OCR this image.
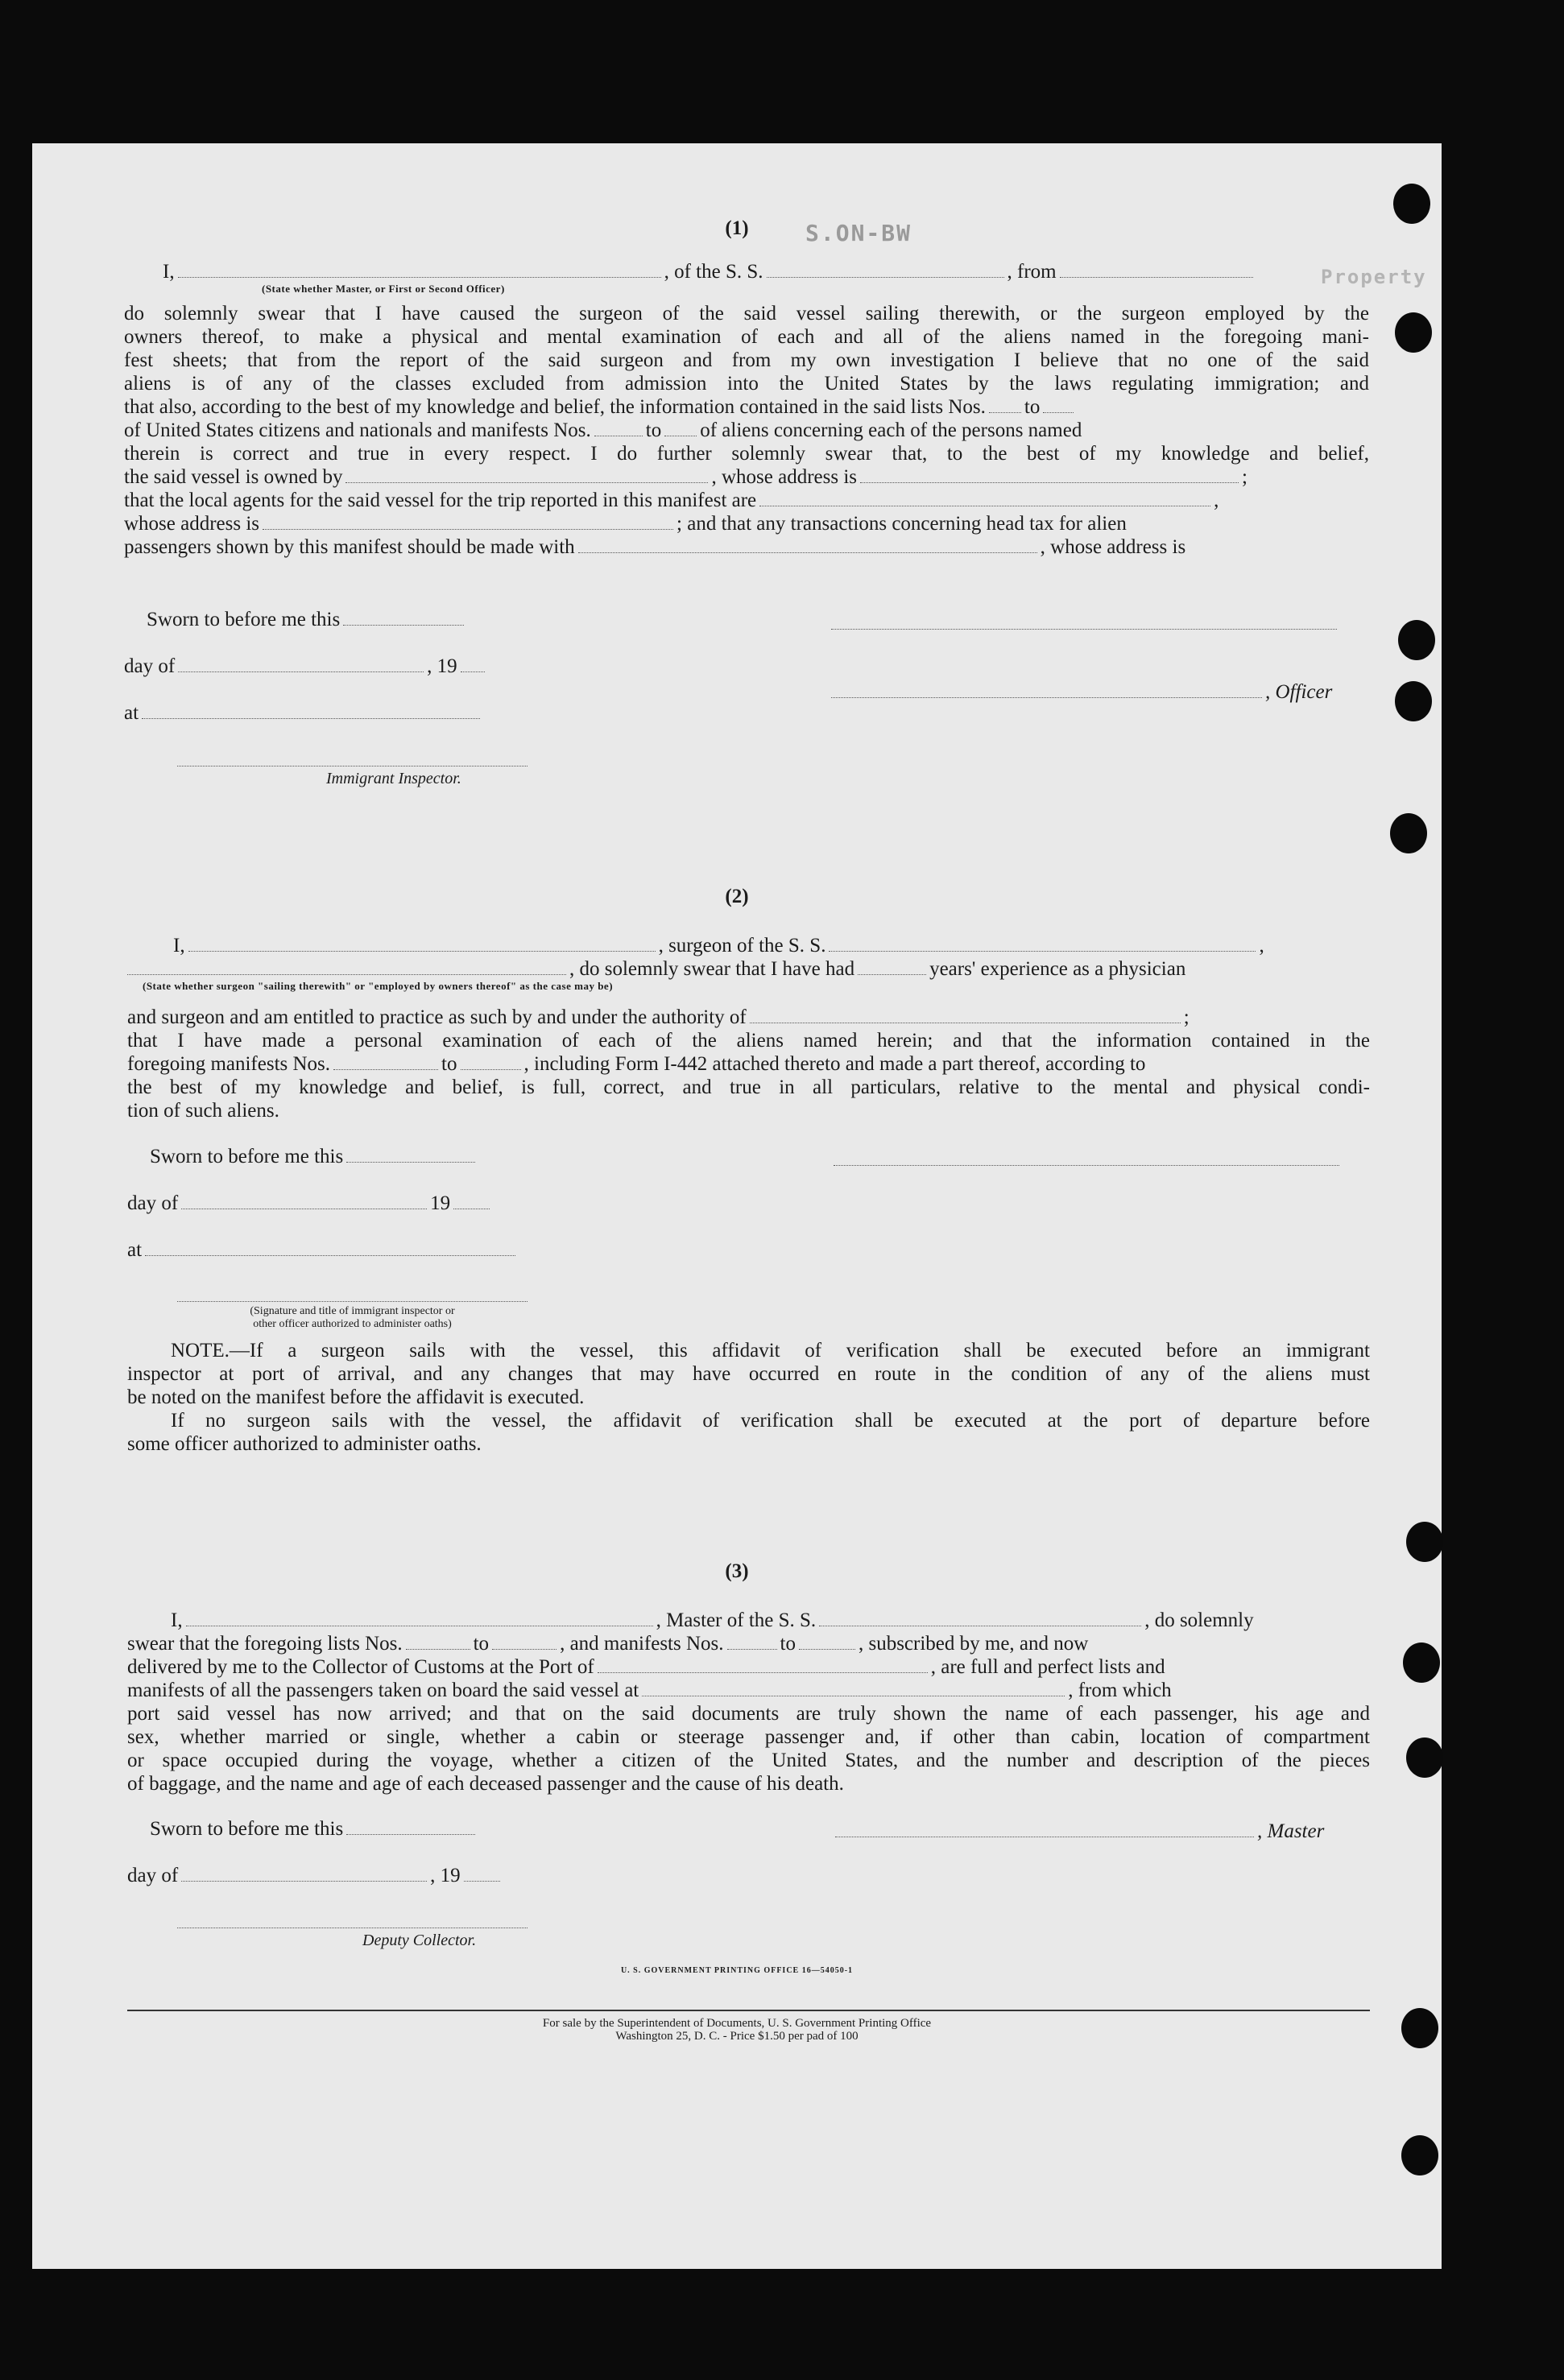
S.ON-BW
Property
(1)
I,	, of the S. S.	, from
(State whether Master, or First or Second Officer)
do solemnly swear that I have caused the surgeon of the said vessel sailing therewith, or the surgeon employed by the
owners thereof, to make a physical and mental examination of each and all of the aliens named in the foregoing mani-
fest sheets; that from the report of the said surgeon and from my own investigation I believe that no one of the said
aliens is of any of the classes excluded from admission into the United States by the laws regulating immigration; and
that also, according to the best of my knowledge and belief, the information contained in the said lists Nos. to
of United States citizens and nationals and manifests Nos.	to of aliens concerning each of the persons named
therein is correct and true in every respect. I do further solemnly swear that, to the best of my knowledge and belief,
the said vessel is owned by	, whose address is	;
that the local agents for the said vessel for the trip reported in this manifest are	,
whose address is	; and that any transactions concerning head tax for alien
passengers shown by this manifest should be made with	, whose address is
Sworn to before me this
day of	, 19
at
, Officer
Immigrant Inspector.
(2)
I,	, surgeon of the S. S.	,
, do solemnly swear that I have had	years' experience as a physician
(State whether surgeon "sailing therewith" or "employed by owners thereof" as the case may be)
and surgeon and am entitled to practice as such by and under the authority of	;
that I have made a personal examination of each of the aliens named herein; and that the information contained in the
foregoing manifests Nos.	to	, including Form I-442 attached thereto and made a part thereof, according to
the best of my knowledge and belief, is full, correct, and true in all particulars, relative to the mental and physical condi-
tion of such aliens.
Sworn to before me this
day of	19
at
(Signature and title of immigrant inspector or
other officer authorized to administer oaths)
NOTE.—If a surgeon sails with the vessel, this affidavit of verification shall be executed before an immigrant
inspector at port of arrival, and any changes that may have occurred en route in the condition of any of the aliens must
be noted on the manifest before the affidavit is executed.
If no surgeon sails with the vessel, the affidavit of verification shall be executed at the port of departure before
some officer authorized to administer oaths.
(3)
I,	, Master of the S. S.	, do solemnly
swear that the foregoing lists Nos.	to	, and manifests Nos.	to	, subscribed by me, and now
delivered by me to the Collector of Customs at the Port of	, are full and perfect lists and
manifests of all the passengers taken on board the said vessel at	, from which
port said vessel has now arrived; and that on the said documents are truly shown the name of each passenger, his age and
sex, whether married or single, whether a cabin or steerage passenger and, if other than cabin, location of compartment
or space occupied during the voyage, whether a citizen of the United States, and the number and description of the pieces
of baggage, and the name and age of each deceased passenger and the cause of his death.
Sworn to before me this	, Master
day of	, 19
Deputy Collector.
U. S. GOVERNMENT PRINTING OFFICE 16—54050-1
For sale by the Superintendent of Documents, U. S. Government Printing Office
Washington 25, D. C. - Price $1.50 per pad of 100
